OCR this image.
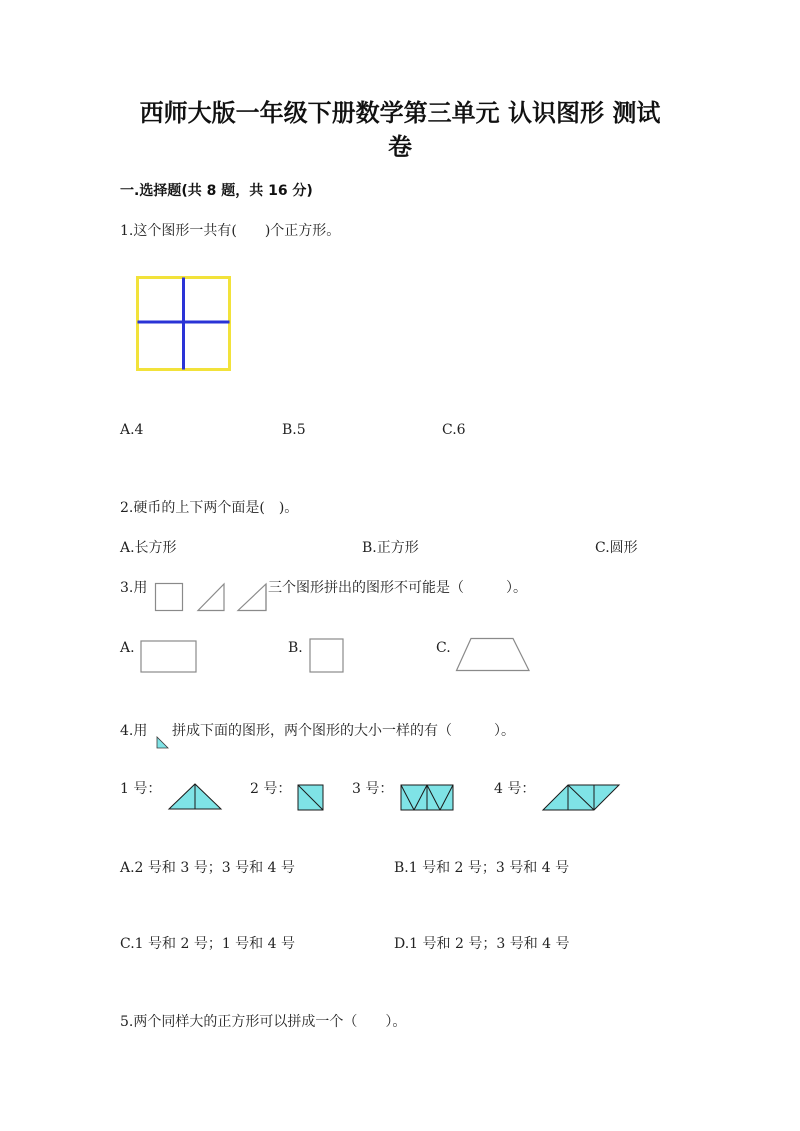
西师大版一年级下册数学第三单元 认识图形 测试
卷
一.选择题(共 8 题，共 16 分)
1.这个图形一共有(　　)个正方形。
A.4	B.5	C.6
2.硬币的上下两个面是(　)。
A.长方形	B.正方形	C.圆形
3.用	三个图形拼出的图形不可能是（　　　）。
A.	B.	C.
4.用 拼成下面的图形，两个图形的大小一样的有（　　　）。
1 号：	2 号：	3 号：	4 号：
A.2 号和 3 号；3 号和 4 号	B.1 号和 2 号；3 号和 4 号
C.1 号和 2 号；1 号和 4 号	D.1 号和 2 号；3 号和 4 号
5.两个同样大的正方形可以拼成一个（　　）。
